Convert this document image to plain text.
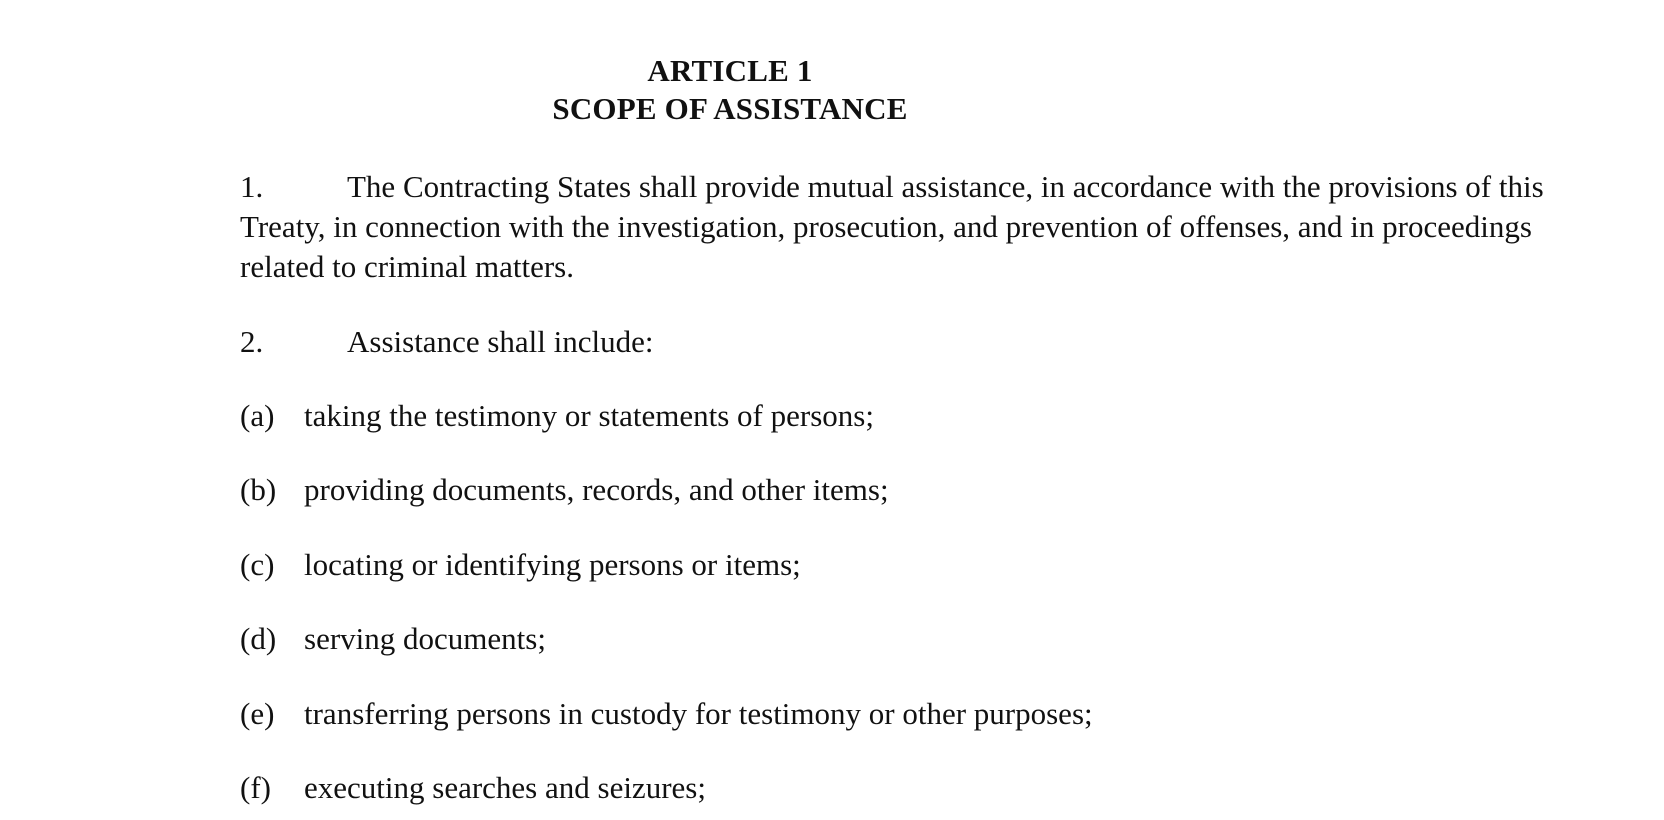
ARTICLE 1
SCOPE OF ASSISTANCE

1.	The Contracting States shall provide mutual assistance, in accordance with the provisions of this Treaty, in connection with the investigation, prosecution, and prevention of offenses, and in proceedings related to criminal matters.

2.	Assistance shall include:

(a) taking the testimony or statements of persons;

(b) providing documents, records, and other items;

(c) locating or identifying persons or items;

(d) serving documents;

(e) transferring persons in custody for testimony or other purposes;

(f) executing searches and seizures;
